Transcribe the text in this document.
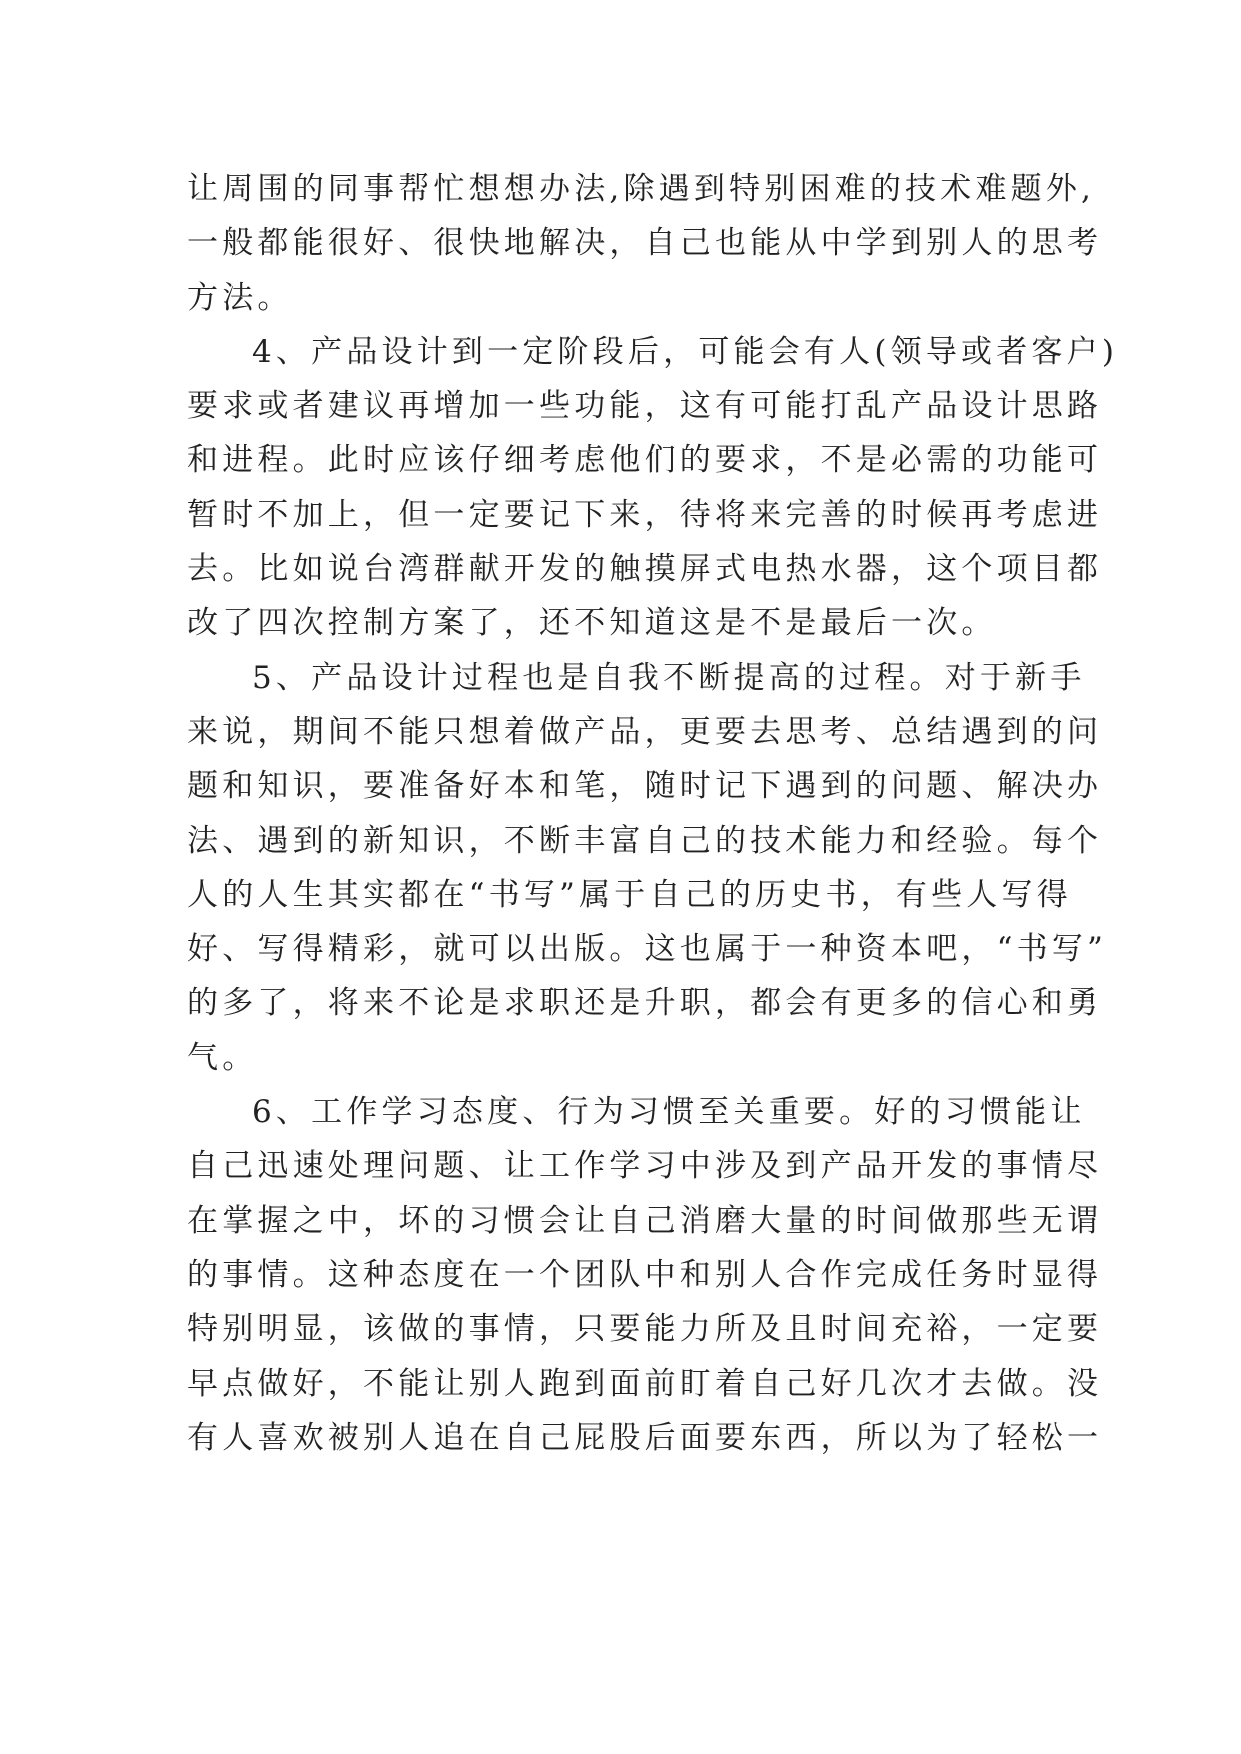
让周围的同事帮忙想想办法,除遇到特别困难的技术难题外,
一般都能很好、很快地解决，自己也能从中学到别人的思考
方法。
4、产品设计到一定阶段后，可能会有人(领导或者客户)
要求或者建议再增加一些功能，这有可能打乱产品设计思路
和进程。此时应该仔细考虑他们的要求，不是必需的功能可
暂时不加上，但一定要记下来，待将来完善的时候再考虑进
去。比如说台湾群献开发的触摸屏式电热水器，这个项目都
改了四次控制方案了，还不知道这是不是最后一次。
5、产品设计过程也是自我不断提高的过程。对于新手
来说，期间不能只想着做产品，更要去思考、总结遇到的问
题和知识，要准备好本和笔，随时记下遇到的问题、解决办
法、遇到的新知识，不断丰富自己的技术能力和经验。每个
人的人生其实都在“书写”属于自己的历史书，有些人写得
好、写得精彩，就可以出版。这也属于一种资本吧，“书写”
的多了，将来不论是求职还是升职，都会有更多的信心和勇
气。
6、工作学习态度、行为习惯至关重要。好的习惯能让
自己迅速处理问题、让工作学习中涉及到产品开发的事情尽
在掌握之中，坏的习惯会让自己消磨大量的时间做那些无谓
的事情。这种态度在一个团队中和别人合作完成任务时显得
特别明显，该做的事情，只要能力所及且时间充裕，一定要
早点做好，不能让别人跑到面前盯着自己好几次才去做。没
有人喜欢被别人追在自己屁股后面要东西，所以为了轻松一
